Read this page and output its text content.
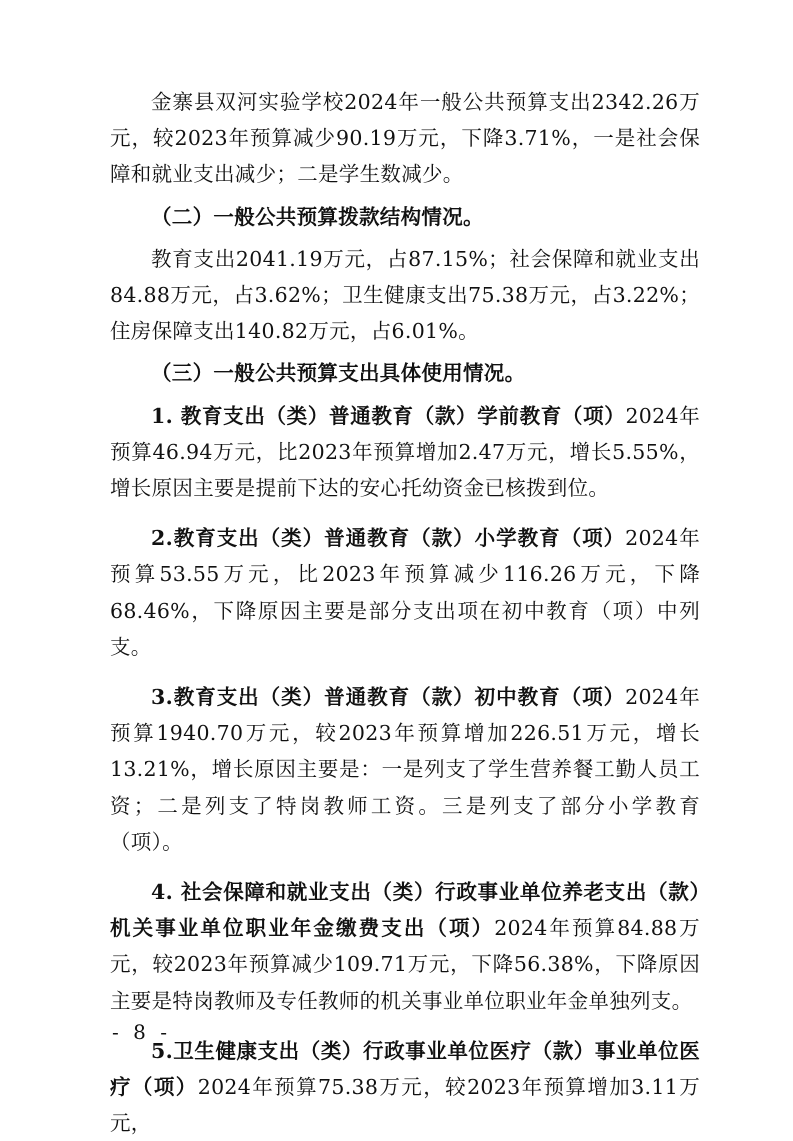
金寨县双河实验学校2024年一般公共预算支出2342.26万元，较2023年预算减少90.19万元，下降3.71%，一是社会保障和就业支出减少；二是学生数减少。

（二）一般公共预算拨款结构情况。

教育支出2041.19万元，占87.15%；社会保障和就业支出84.88万元，占3.62%；卫生健康支出75.38万元，占3.22%；住房保障支出140.82万元，占6.01%。

（三）一般公共预算支出具体使用情况。

1. 教育支出（类）普通教育（款）学前教育（项）2024年预算46.94万元，比2023年预算增加2.47万元，增长5.55%，增长原因主要是提前下达的安心托幼资金已核拨到位。

2.教育支出（类）普通教育（款）小学教育（项）2024年预算53.55万元，比2023年预算减少116.26万元，下降68.46%，下降原因主要是部分支出项在初中教育（项）中列支。

3.教育支出（类）普通教育（款）初中教育（项）2024年预算1940.70万元，较2023年预算增加226.51万元，增长13.21%，增长原因主要是：一是列支了学生营养餐工勤人员工资；二是列支了特岗教师工资。三是列支了部分小学教育（项）。

4. 社会保障和就业支出（类）行政事业单位养老支出（款）机关事业单位职业年金缴费支出（项）2024年预算84.88万元，较2023年预算减少109.71万元，下降56.38%，下降原因主要是特岗教师及专任教师的机关事业单位职业年金单独列支。

5.卫生健康支出（类）行政事业单位医疗（款）事业单位医疗（项）2024年预算75.38万元，较2023年预算增加3.11万元，

- 8 -
